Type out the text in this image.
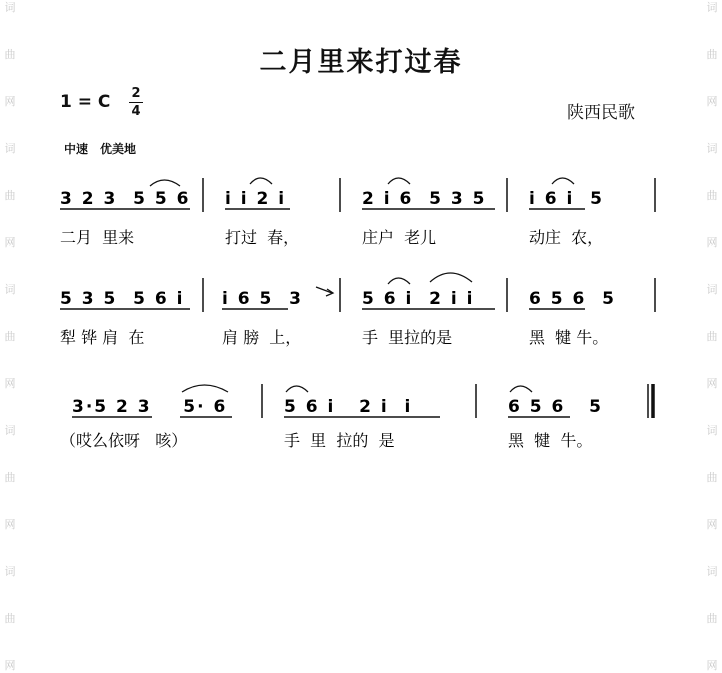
词
曲
网
词
曲
网
词
曲
网
词
曲
网
词
曲
网
词
曲
网
词
曲
网
词
曲
网
词
曲
网
词
曲
网
二月里来打过春
1 = C 2
4	陕西民歌
中速　优美地
3 2 3  5 5 6
二月  里来
i i 2 i
打过  春，
2 i 6  5 3 5
庄户  老儿
i 6 i  5
动庄  农，
5 3 5  5 6 i
犁 铧 肩  在
i 6 5  3
肩 膀  上，
5 6 i  2 i i
手  里拉的是
6 5 6  5
黑  犍 牛。
3·5 2 3    5· 6
（哎么依呀   咳）
5 6 i   2 i  i
手  里  拉的  是
6 5 6   5
黑  犍  牛。
